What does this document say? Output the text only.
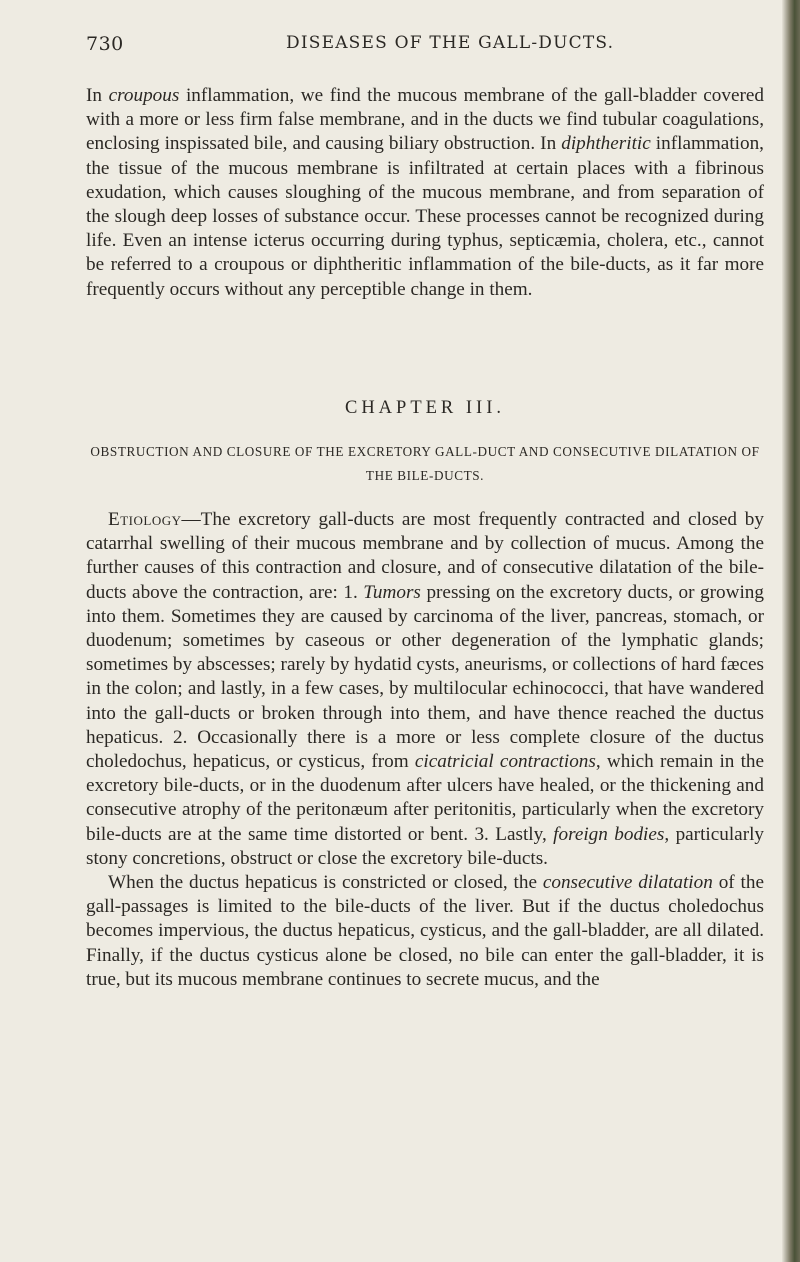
730	DISEASES OF THE GALL-DUCTS.

In croupous inflammation, we find the mucous membrane of the gall-bladder covered with a more or less firm false membrane, and in the ducts we find tubular coagulations, enclosing inspissated bile, and causing biliary obstruction. In diphtheritic inflammation, the tissue of the mucous membrane is infiltrated at certain places with a fibrinous exudation, which causes sloughing of the mucous membrane, and from separation of the slough deep losses of substance occur. These processes cannot be recognized during life. Even an intense icterus occurring during typhus, septicæmia, cholera, etc., cannot be referred to a croupous or diphtheritic inflammation of the bile-ducts, as it far more frequently occurs without any perceptible change in them.

CHAPTER III.
OBSTRUCTION AND CLOSURE OF THE EXCRETORY GALL-DUCT AND CONSECUTIVE DILATATION OF THE BILE-DUCTS.

Etiology—The excretory gall-ducts are most frequently contracted and closed by catarrhal swelling of their mucous membrane and by collection of mucus. Among the further causes of this contraction and closure, and of consecutive dilatation of the bile-ducts above the contraction, are: 1. Tumors pressing on the excretory ducts, or growing into them. Sometimes they are caused by carcinoma of the liver, pancreas, stomach, or duodenum; sometimes by caseous or other degeneration of the lymphatic glands; sometimes by abscesses; rarely by hydatid cysts, aneurisms, or collections of hard fæces in the colon; and lastly, in a few cases, by multilocular echinococci, that have wandered into the gall-ducts or broken through into them, and have thence reached the ductus hepaticus. 2. Occasionally there is a more or less complete closure of the ductus choledochus, hepaticus, or cysticus, from cicatricial contractions, which remain in the excretory bile-ducts, or in the duodenum after ulcers have healed, or the thickening and consecutive atrophy of the peritonæum after peritonitis, particularly when the excretory bile-ducts are at the same time distorted or bent. 3. Lastly, foreign bodies, particularly stony concretions, obstruct or close the excretory bile-ducts.

When the ductus hepaticus is constricted or closed, the consecutive dilatation of the gall-passages is limited to the bile-ducts of the liver. But if the ductus choledochus becomes impervious, the ductus hepaticus, cysticus, and the gall-bladder, are all dilated. Finally, if the ductus cysticus alone be closed, no bile can enter the gall-bladder, it is true, but its mucous membrane continues to secrete mucus, and the
